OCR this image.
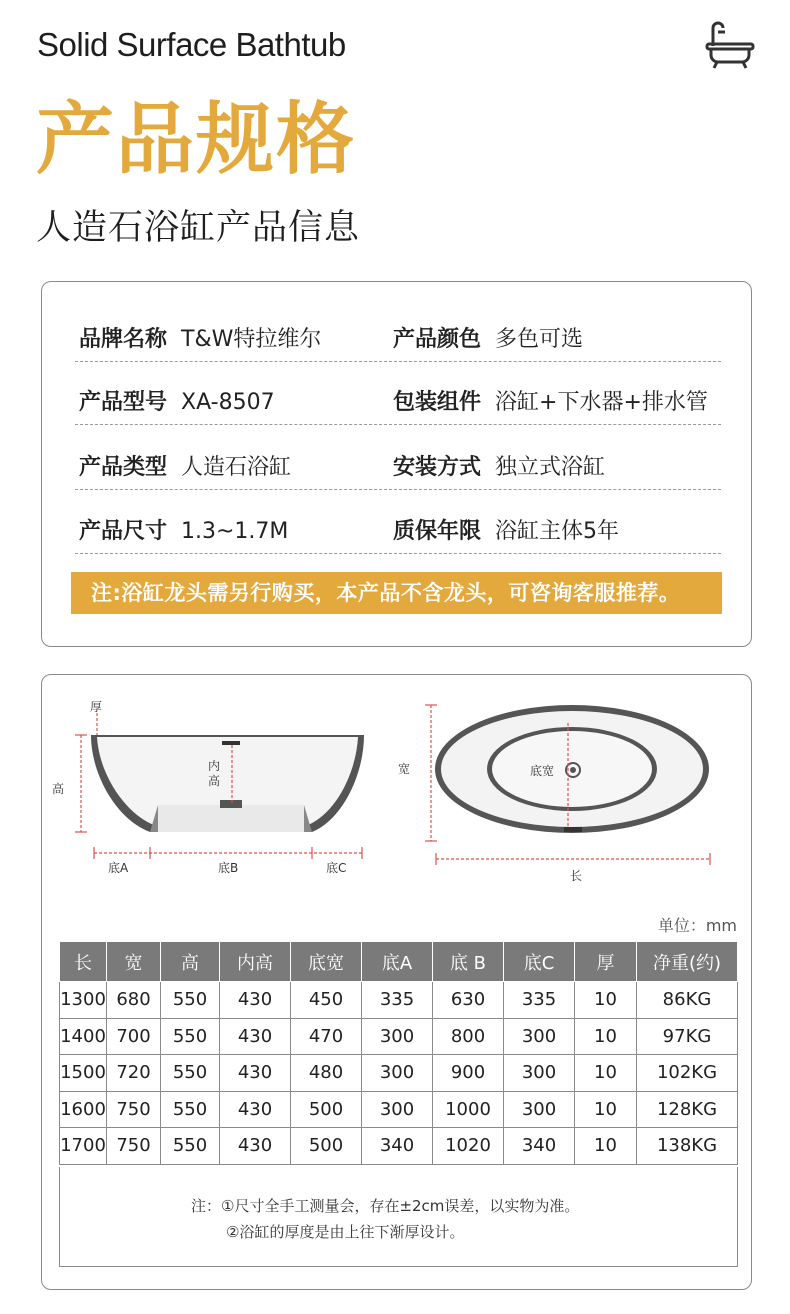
Solid Surface Bathtub
产品规格
人造石浴缸产品信息
品牌名称 T&W特拉维尔	产品颜色 多色可选
产品型号 XA-8507	包装组件 浴缸+下水器+排水管
产品类型 人造石浴缸	安装方式 独立式浴缸
产品尺寸 1.3~1.7M	质保年限 浴缸主体5年
注:浴缸龙头需另行购买，本产品不含龙头，可咨询客服推荐。
厚
高
内
高
底A	底B	底C
宽
长
底宽
单位：mm
长	宽	高	内高	底宽	底A	底 B	底C	厚	净重(约)
1300	680	550	430	450	335	630	335	10	86KG
1400	700	550	430	470	300	800	300	10	97KG
1500	720	550	430	480	300	900	300	10	102KG
1600	750	550	430	500	300	1000	300	10	128KG
1700	750	550	430	500	340	1020	340	10	138KG
注：①尺寸全手工测量会，存在±2cm误差，以实物为准。
②浴缸的厚度是由上往下渐厚设计。
